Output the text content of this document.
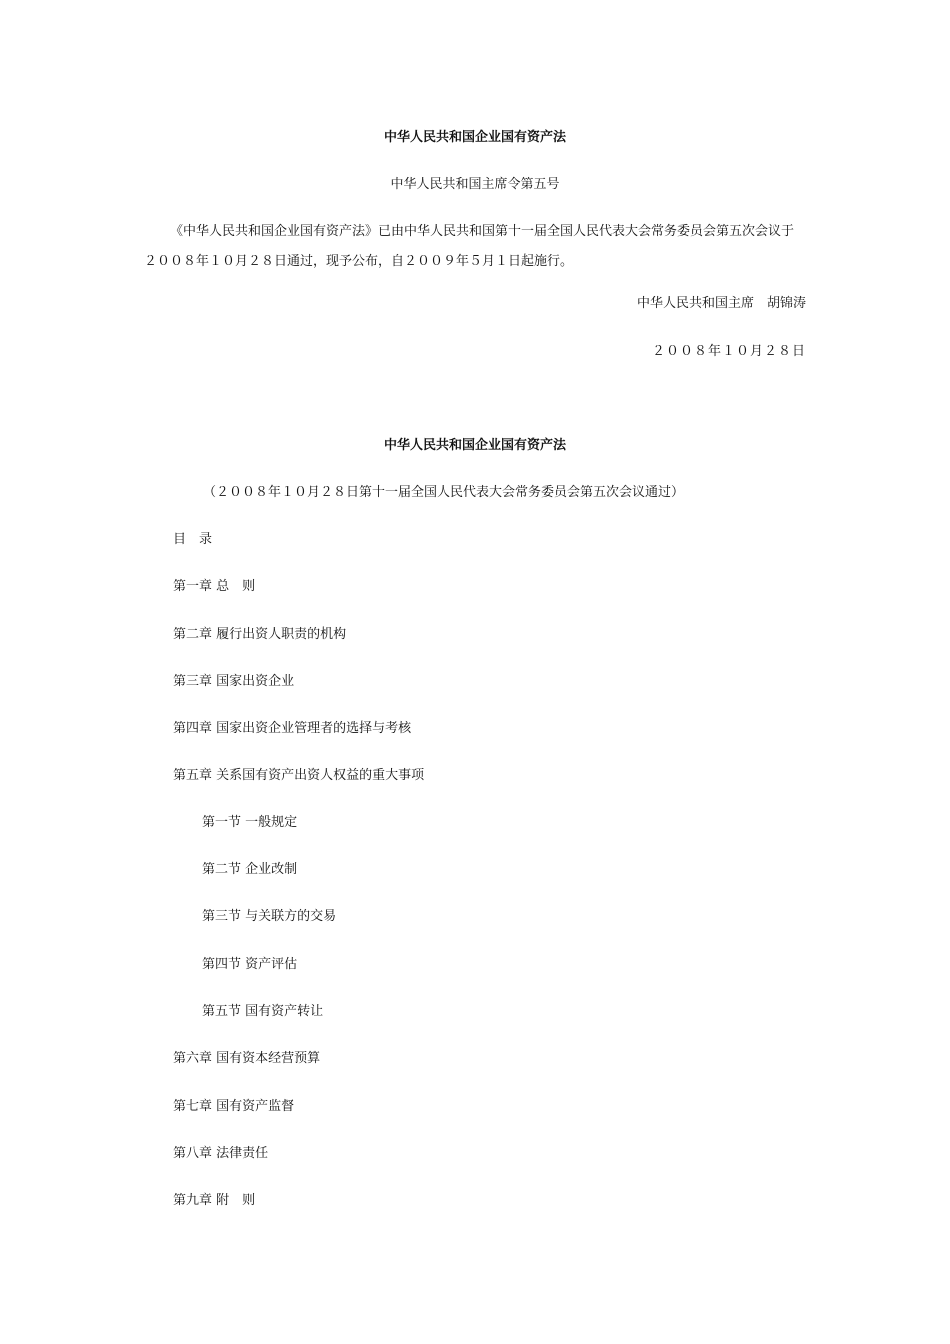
中华人民共和国企业国有资产法
中华人民共和国主席令第五号
《中华人民共和国企业国有资产法》已由中华人民共和国第十一届全国人民代表大会常务委员会第五次会议于２００８年１０月２８日通过，现予公布，自２００９年５月１日起施行。
中华人民共和国主席　胡锦涛
２００８年１０月２８日
中华人民共和国企业国有资产法
（２００８年１０月２８日第十一届全国人民代表大会常务委员会第五次会议通过）
目　录
第一章 总　则
第二章 履行出资人职责的机构
第三章 国家出资企业
第四章 国家出资企业管理者的选择与考核
第五章 关系国有资产出资人权益的重大事项
第一节 一般规定
第二节 企业改制
第三节 与关联方的交易
第四节 资产评估
第五节 国有资产转让
第六章 国有资本经营预算
第七章 国有资产监督
第八章 法律责任
第九章 附　则
